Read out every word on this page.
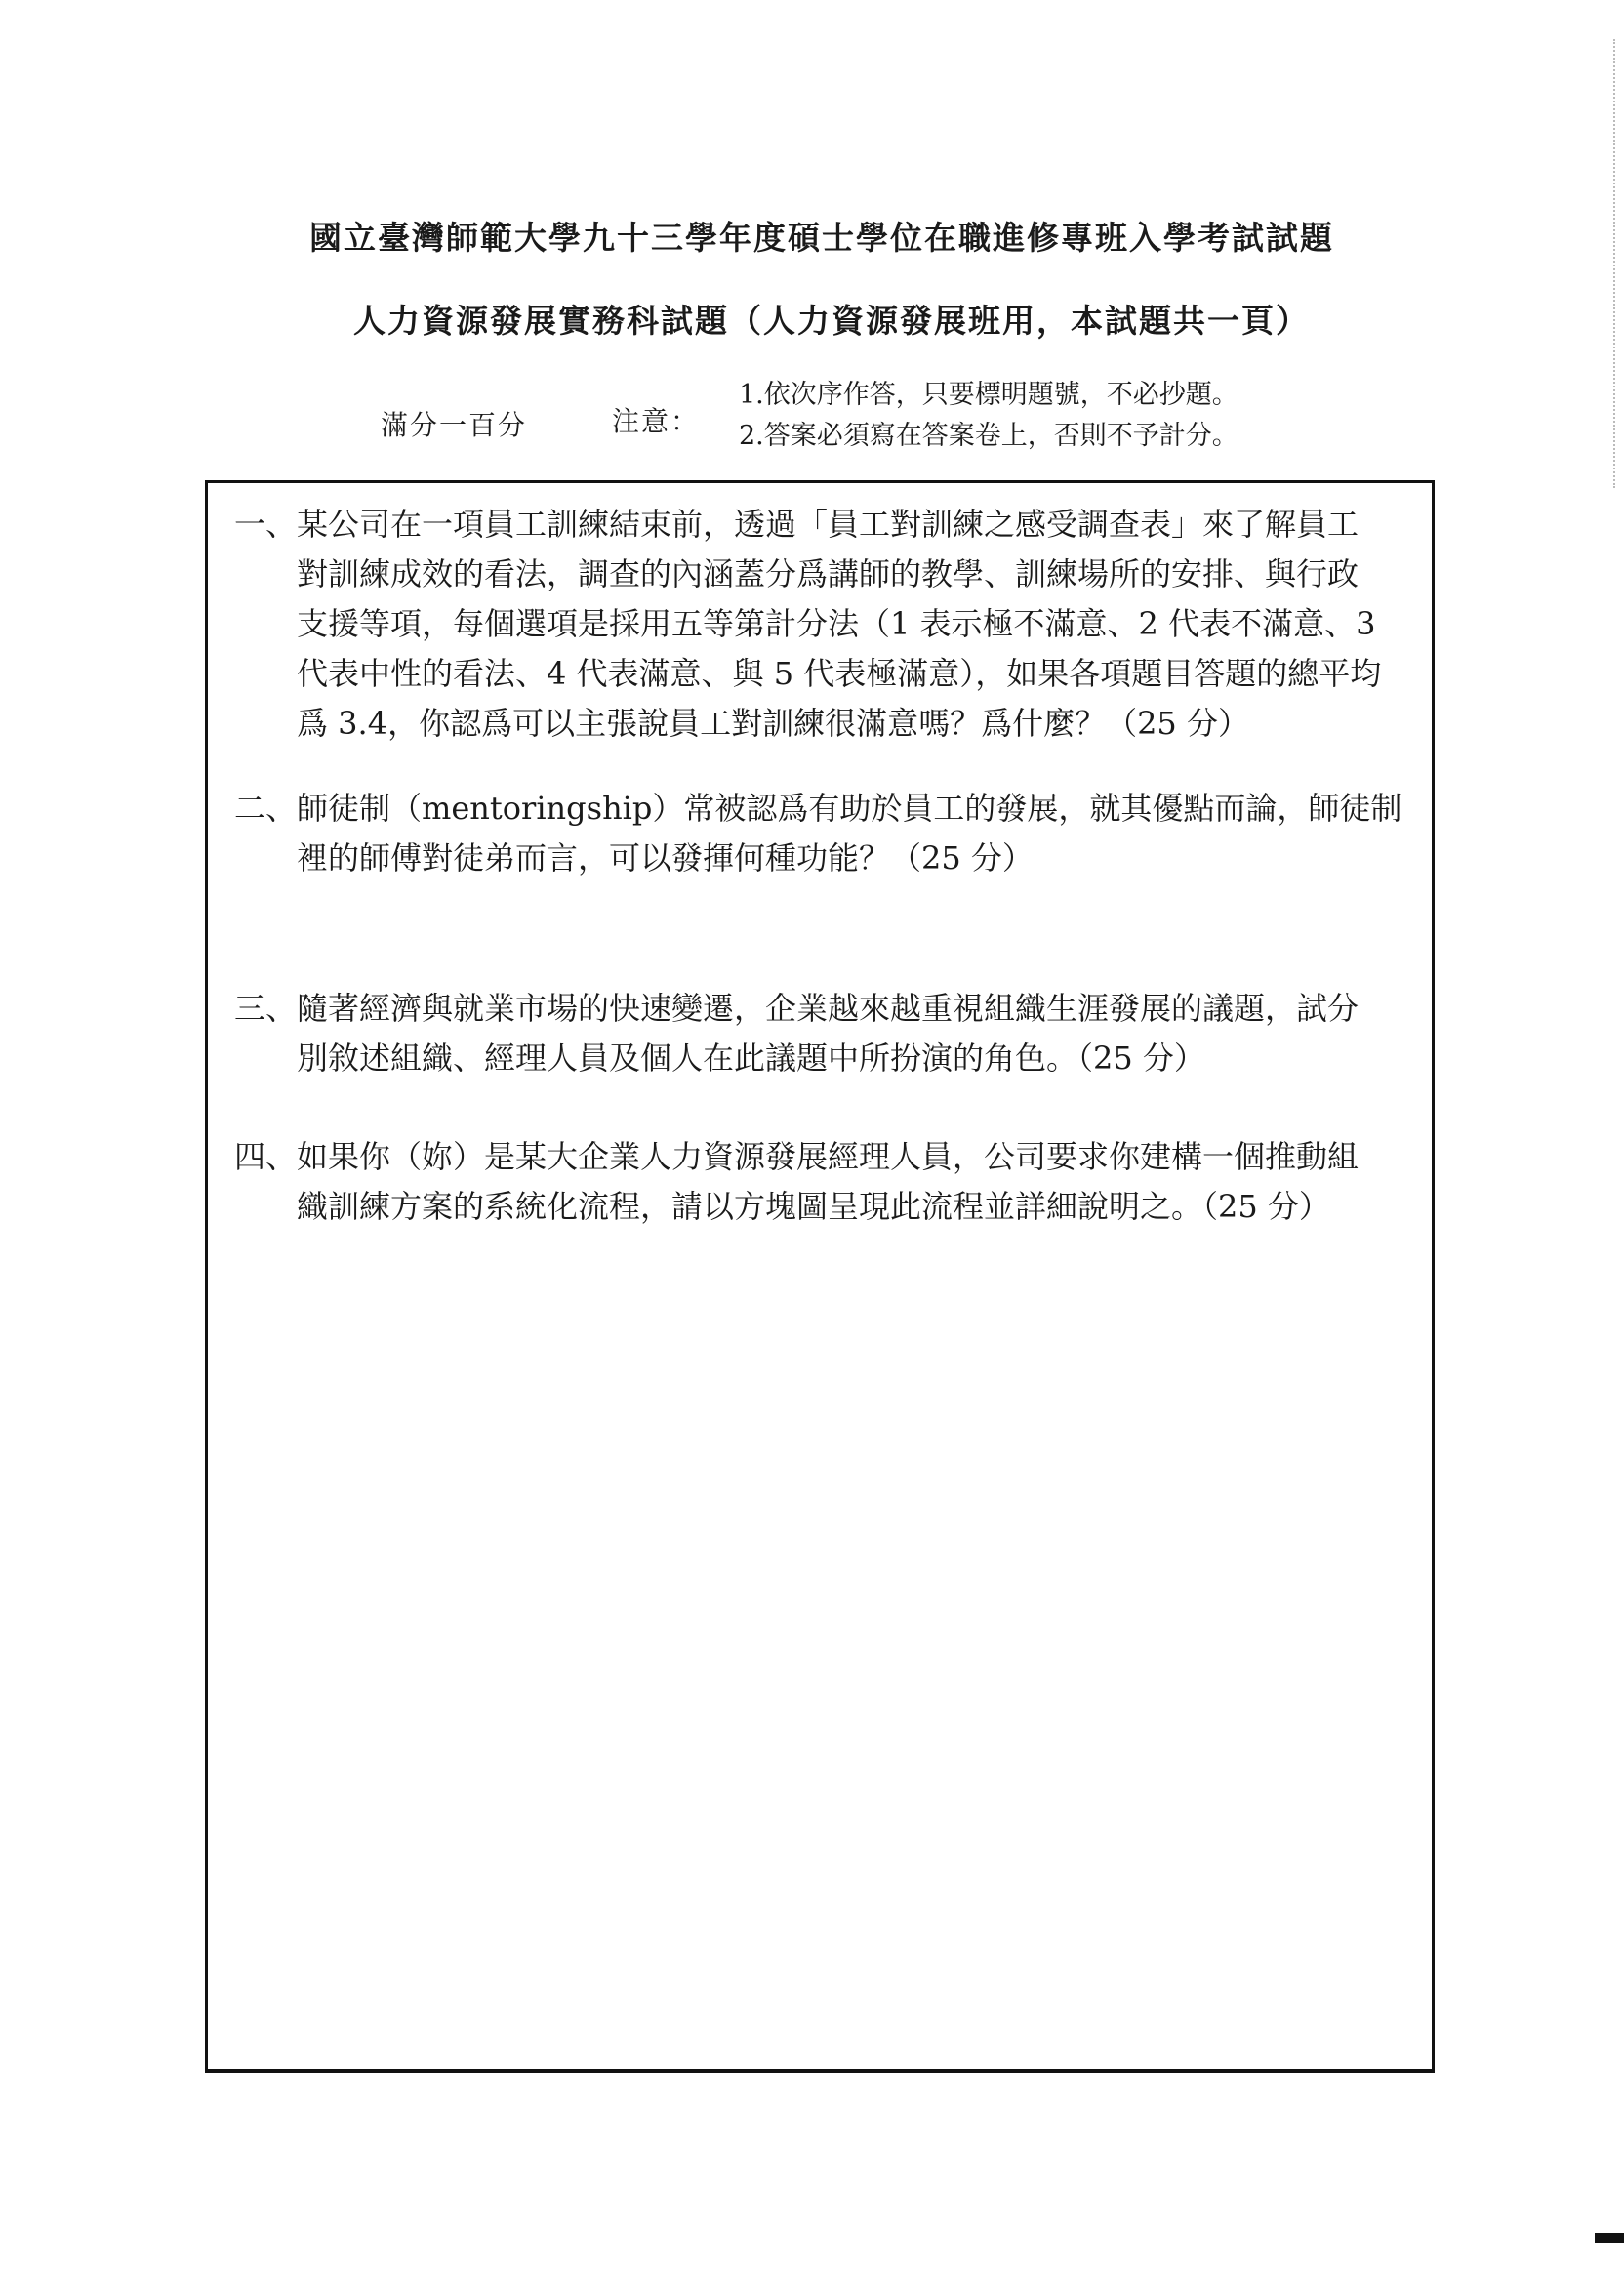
國立臺灣師範大學九十三學年度碩士學位在職進修專班入學考試試題
人力資源發展實務科試題（人力資源發展班用，本試題共一頁）
滿分一百分	注意：
1.依次序作答，只要標明題號，不必抄題。
2.答案必須寫在答案卷上，否則不予計分。
一、某公司在一項員工訓練結束前，透過「員工對訓練之感受調查表」來了解員工
對訓練成效的看法，調查的內涵蓋分爲講師的教學、訓練場所的安排、與行政
支援等項，每個選項是採用五等第計分法（1 表示極不滿意、2 代表不滿意、3
代表中性的看法、4 代表滿意、與 5 代表極滿意），如果各項題目答題的總平均
爲 3.4，你認爲可以主張說員工對訓練很滿意嗎？爲什麼？（25 分）
二、師徒制（mentoringship）常被認爲有助於員工的發展，就其優點而論，師徒制
裡的師傅對徒弟而言，可以發揮何種功能？（25 分）
三、隨著經濟與就業市場的快速變遷，企業越來越重視組織生涯發展的議題，試分
別敘述組織、經理人員及個人在此議題中所扮演的角色。（25 分）
四、如果你（妳）是某大企業人力資源發展經理人員，公司要求你建構一個推動組
織訓練方案的系統化流程，請以方塊圖呈現此流程並詳細說明之。（25 分）
